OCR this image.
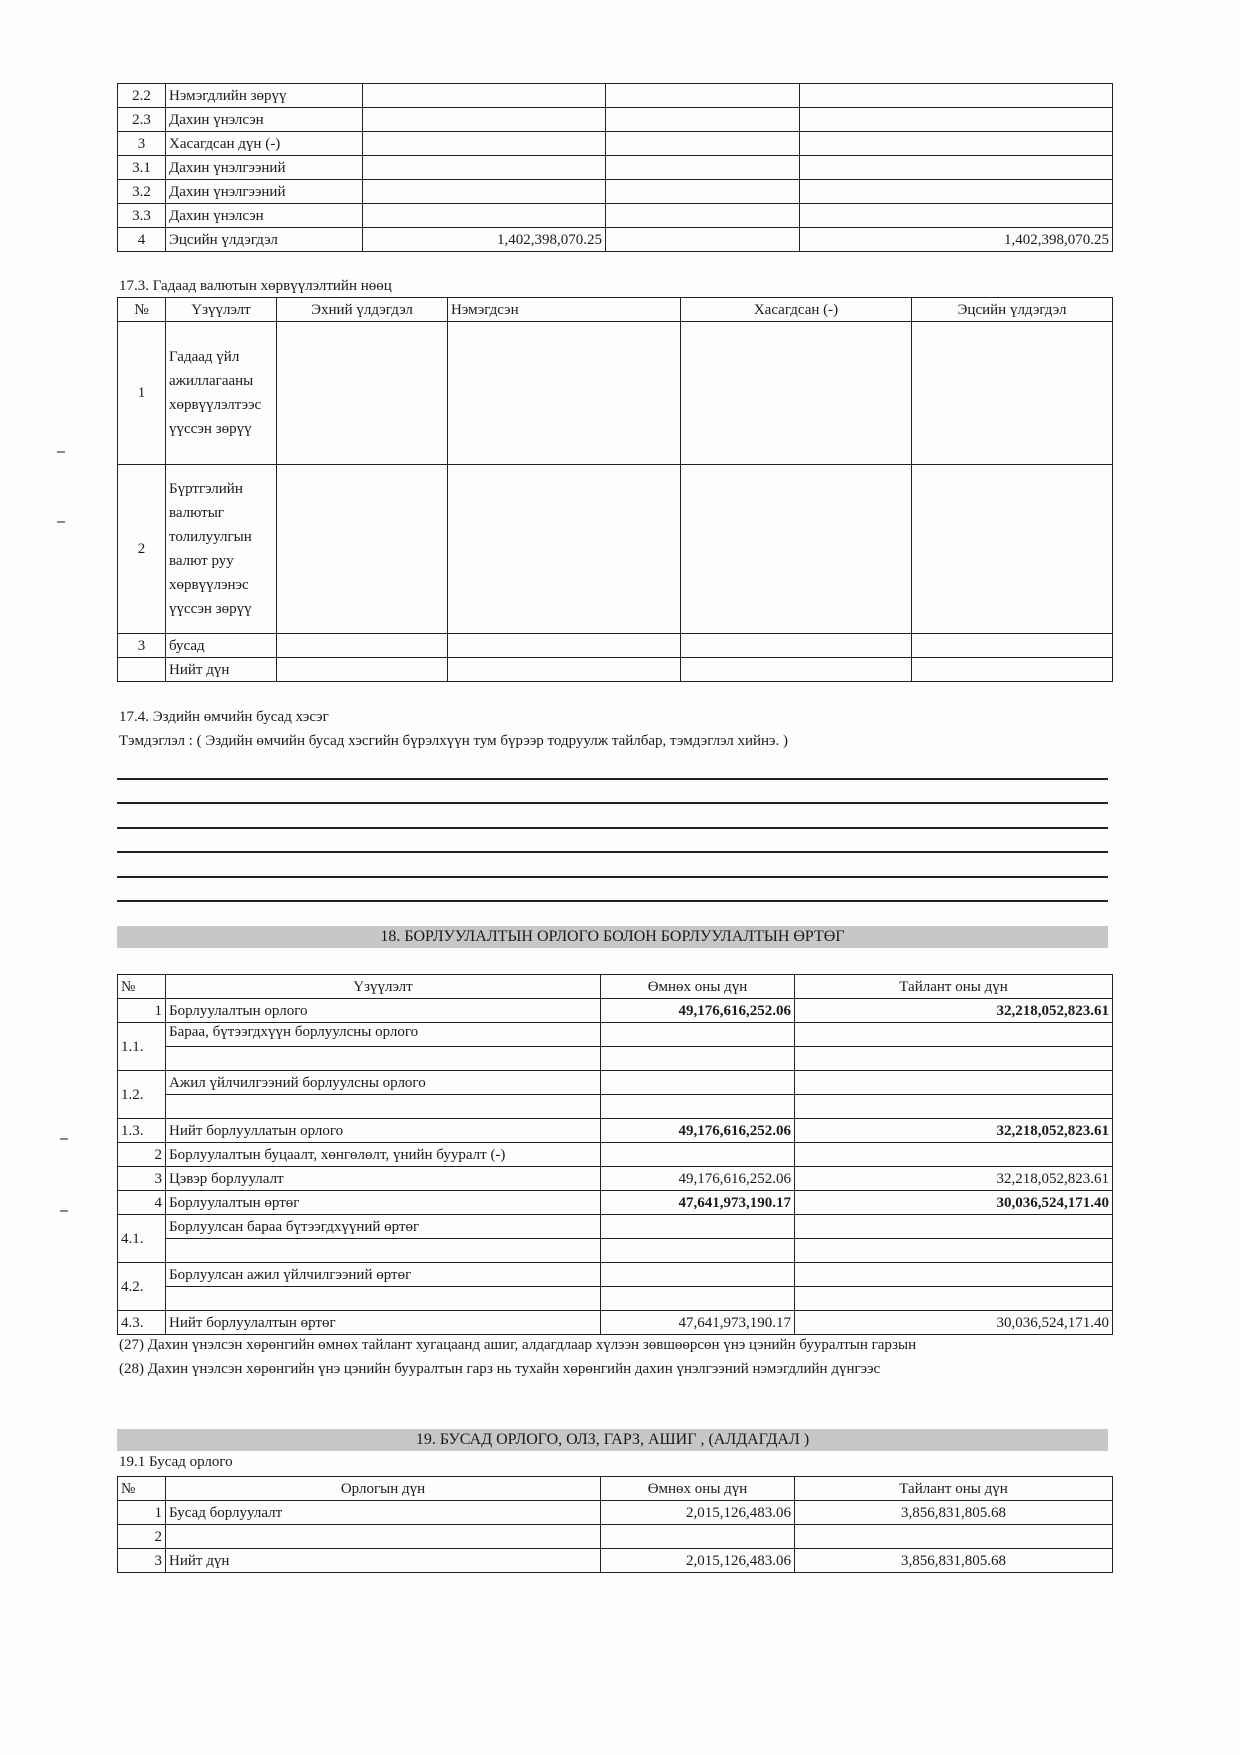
2.2	Нэмэгдлийн зөрүү			
2.3	Дахин үнэлсэн			
3	Хасагдсан дүн (-)			
3.1	Дахин үнэлгээний			
3.2	Дахин үнэлгээний			
3.3	Дахин үнэлсэн			
4	Эцсийн үлдэгдэл	1,402,398,070.25		1,402,398,070.25
17.3. Гадаад валютын хөрвүүлэлтийн нөөц
№	Үзүүлэлт	Эхний үлдэгдэл	Нэмэгдсэн	Хасагдсан (-)	Эцсийн үлдэгдэл
1	Гадаад үйл ажиллагааны хөрвүүлэлтээс үүссэн зөрүү				
2	Бүртгэлийн валютыг толилуулгын валют руу хөрвүүлэнэс үүссэн зөрүү				
3	бусад				
	Нийт дүн				
17.4. Эздийн өмчийн бусад хэсэг
Тэмдэглэл : ( Эздийн өмчийн бусад хэсгийн бүрэлхүүн тум бүрээр тодруулж тайлбар, тэмдэглэл хийнэ. )
18. БОРЛУУЛАЛТЫН ОРЛОГО БОЛОН БОРЛУУЛАЛТЫН ӨРТӨГ
№	Үзүүлэлт	Өмнөх оны дүн	Тайлант оны дүн
1	Борлуулалтын орлого	49,176,616,252.06	32,218,052,823.61
1.1.	Бараа, бүтээгдхүүн борлуулсны орлого		

1.2.	Ажил үйлчилгээний борлуулсны орлого		

1.3.	Нийт борлууллатын орлого	49,176,616,252.06	32,218,052,823.61
2	Борлуулалтын буцаалт, хөнгөлөлт, үнийн бууралт (-)		
3	Цэвэр борлуулалт	49,176,616,252.06	32,218,052,823.61
4	Борлуулалтын өртөг	47,641,973,190.17	30,036,524,171.40
4.1.	Борлуулсан бараа бүтээгдхүүний өртөг		

4.2.	Борлуулсан ажил үйлчилгээний өртөг		

4.3.	Нийт борлуулалтын өртөг	47,641,973,190.17	30,036,524,171.40
(27) Дахин үнэлсэн хөрөнгийн өмнөх тайлант хугацаанд ашиг, алдагдлаар хүлээн зөвшөөрсөн үнэ цэнийн бууралтын гарзын
(28) Дахин үнэлсэн хөрөнгийн үнэ цэнийн бууралтын гарз нь тухайн хөрөнгийн дахин үнэлгээний нэмэгдлийн дүнгээс
19. БУСАД ОРЛОГО, ОЛЗ, ГАРЗ, АШИГ , (АЛДАГДАЛ )
19.1 Бусад орлого
№	Орлогын дүн	Өмнөх оны дүн	Тайлант оны дүн
1	Бусад борлуулалт	2,015,126,483.06	3,856,831,805.68
2			
3	Нийт дүн	2,015,126,483.06	3,856,831,805.68
